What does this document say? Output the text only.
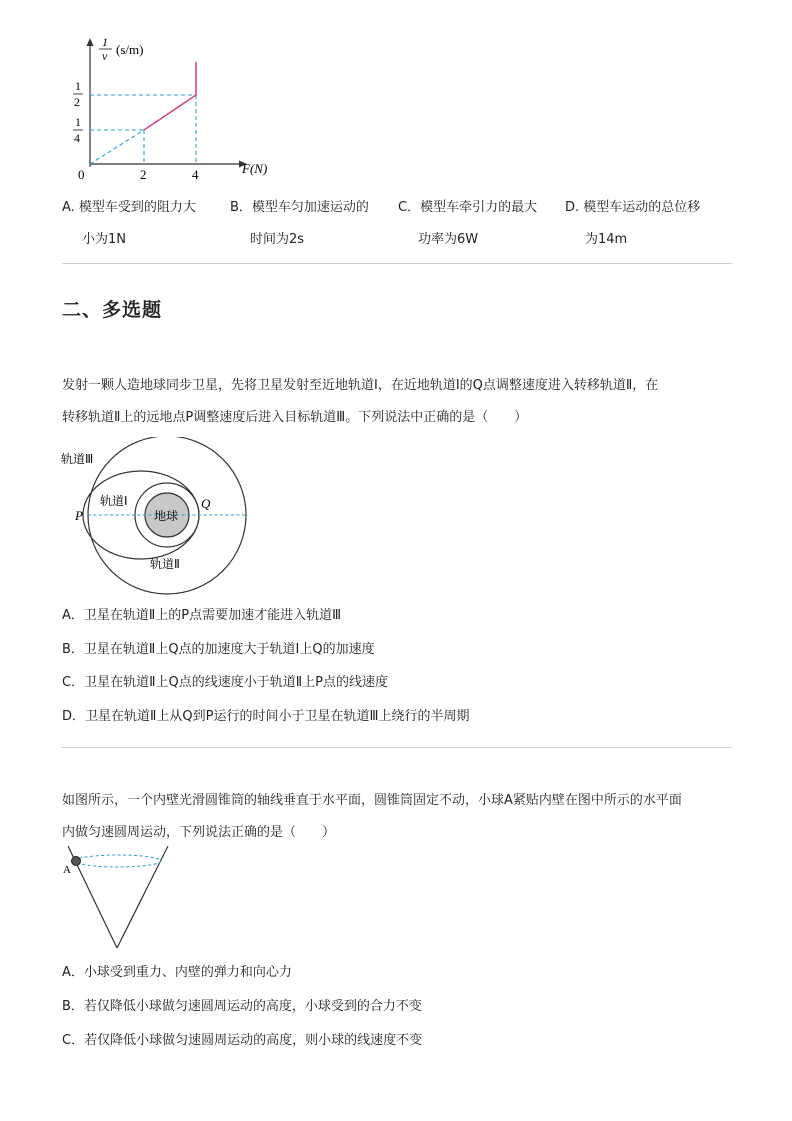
1
v (s/m)
1
2
1
4
0	2	4	F(N)
A. 模型车受到的阻力大
小为1N
B．模型车匀加速运动的
时间为2s
C．模型车牵引力的最大
功率为6W
D. 模型车运动的总位移
为14m
二、多选题
发射一颗人造地球同步卫星，先将卫星发射至近地轨道Ⅰ，在近地轨道Ⅰ的Q点调整速度进入转移轨道Ⅱ，在
转移轨道Ⅱ上的远地点P调整速度后进入目标轨道Ⅲ。下列说法中正确的是（　　）
轨道Ⅲ
轨道Ⅰ
轨道Ⅱ
地球
P
Q
A．卫星在轨道Ⅱ上的P点需要加速才能进入轨道Ⅲ
B．卫星在轨道Ⅱ上Q点的加速度大于轨道Ⅰ上Q的加速度
C．卫星在轨道Ⅱ上Q点的线速度小于轨道Ⅱ上P点的线速度
D．卫星在轨道Ⅱ上从Q到P运行的时间小于卫星在轨道Ⅲ上绕行的半周期
如图所示，一个内壁光滑圆锥筒的轴线垂直于水平面，圆锥筒固定不动，小球A紧贴内壁在图中所示的水平面
内做匀速圆周运动，下列说法正确的是（　　）
A
A．小球受到重力、内壁的弹力和向心力
B．若仅降低小球做匀速圆周运动的高度，小球受到的合力不变
C．若仅降低小球做匀速圆周运动的高度，则小球的线速度不变
